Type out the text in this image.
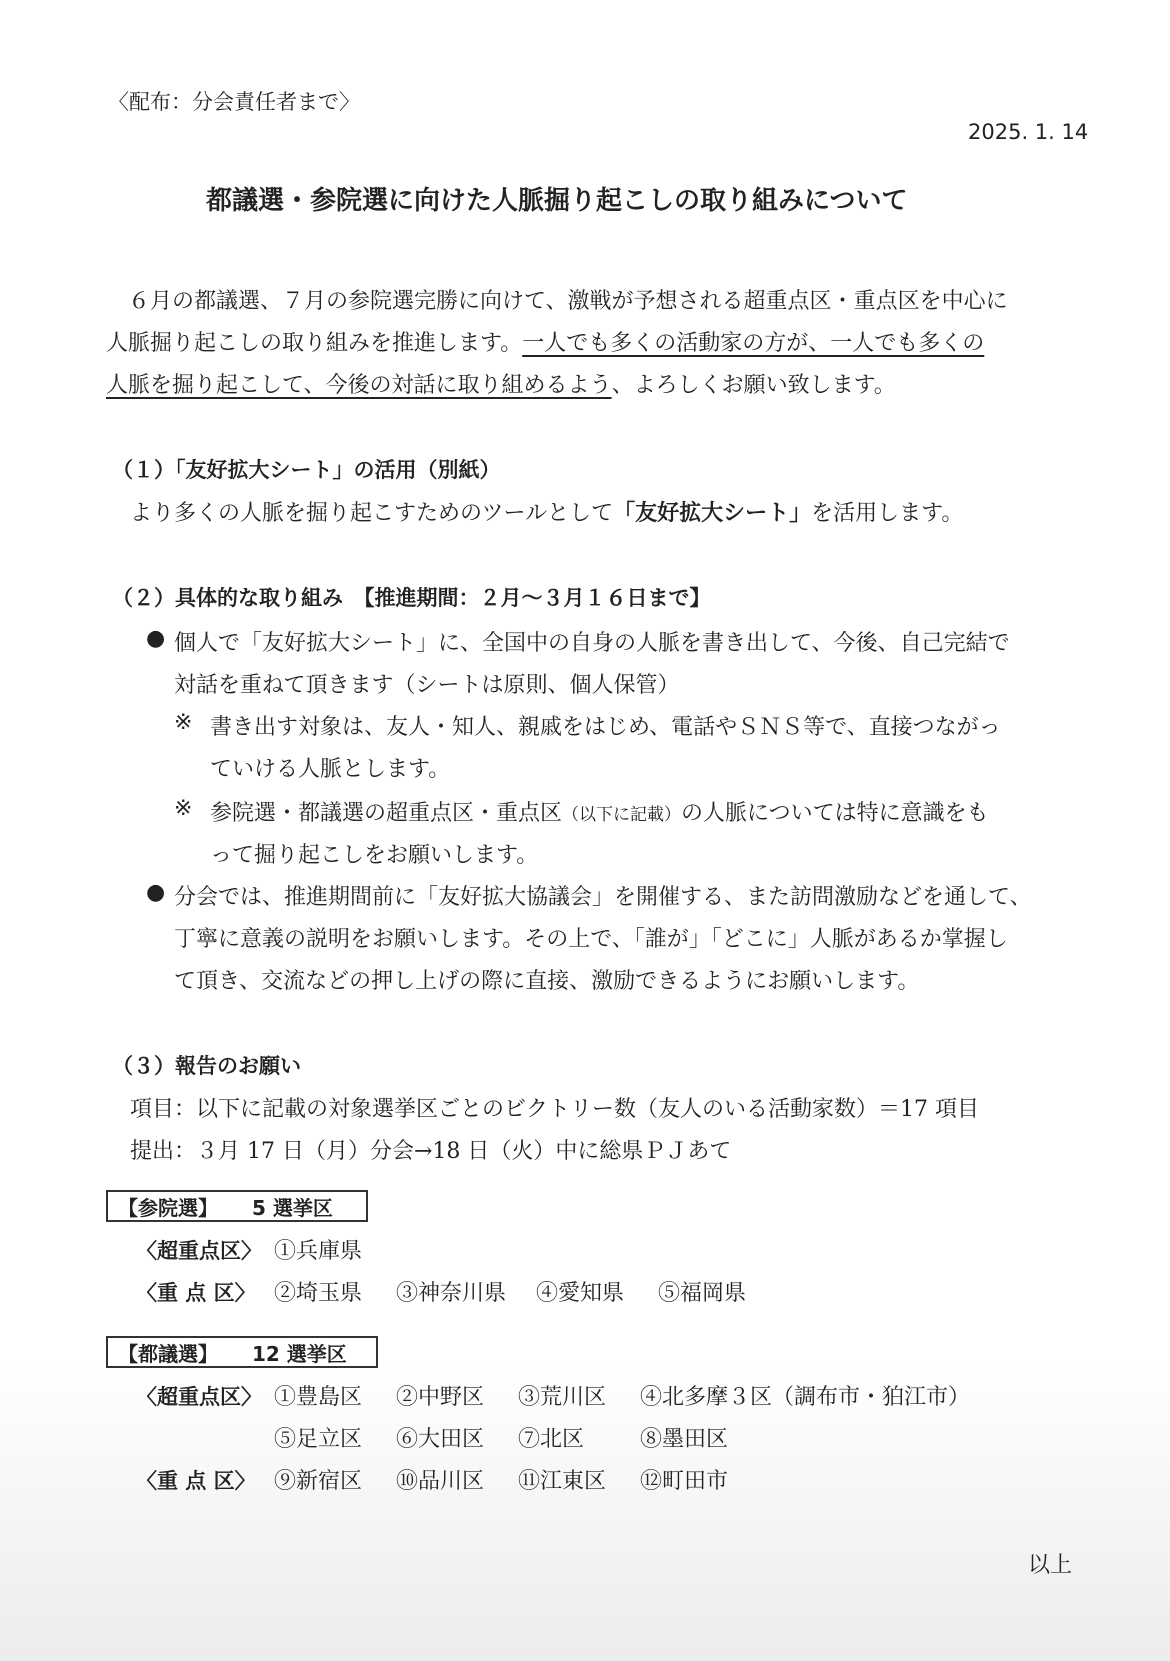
〈配布：分会責任者まで〉
2025. 1. 14
都議選・参院選に向けた人脈掘り起こしの取り組みについて
６月の都議選、７月の参院選完勝に向けて、激戦が予想される超重点区・重点区を中心に
人脈掘り起こしの取り組みを推進します。一人でも多くの活動家の方が、一人でも多くの
人脈を掘り起こして、今後の対話に取り組めるよう、よろしくお願い致します。
（１）「友好拡大シート」の活用（別紙）
より多くの人脈を掘り起こすためのツールとして「友好拡大シート」を活用します。
（２）具体的な取り組み　【推進期間：２月～３月１６日まで】
● 個人で「友好拡大シート」に、全国中の自身の人脈を書き出して、今後、自己完結で
対話を重ねて頂きます（シートは原則、個人保管）
※ 書き出す対象は、友人・知人、親戚をはじめ、電話やＳＮＳ等で、直接つながっ
ていける人脈とします。
※ 参院選・都議選の超重点区・重点区（以下に記載）の人脈については特に意識をも
って掘り起こしをお願いします。
● 分会では、推進期間前に「友好拡大協議会」を開催する、また訪問激励などを通して、
丁寧に意義の説明をお願いします。その上で、「誰が」「どこに」人脈があるか掌握し
て頂き、交流などの押し上げの際に直接、激励できるようにお願いします。
（３）報告のお願い
項目：以下に記載の対象選挙区ごとのビクトリー数（友人のいる活動家数）＝17 項目
提出：３月 17 日（月）分会→18 日（火）中に総県ＰＪあて
【参院選】 5 選挙区
〈超重点区〉 ①兵庫県
〈重 点 区〉 ②埼玉県 ③神奈川県 ④愛知県 ⑤福岡県
【都議選】 12 選挙区
〈超重点区〉 ①豊島区 ②中野区 ③荒川区 ④北多摩３区（調布市・狛江市）
⑤足立区 ⑥大田区 ⑦北区	⑧墨田区
〈重 点 区〉 ⑨新宿区 ⑩品川区 ⑪江東区 ⑫町田市
以上
